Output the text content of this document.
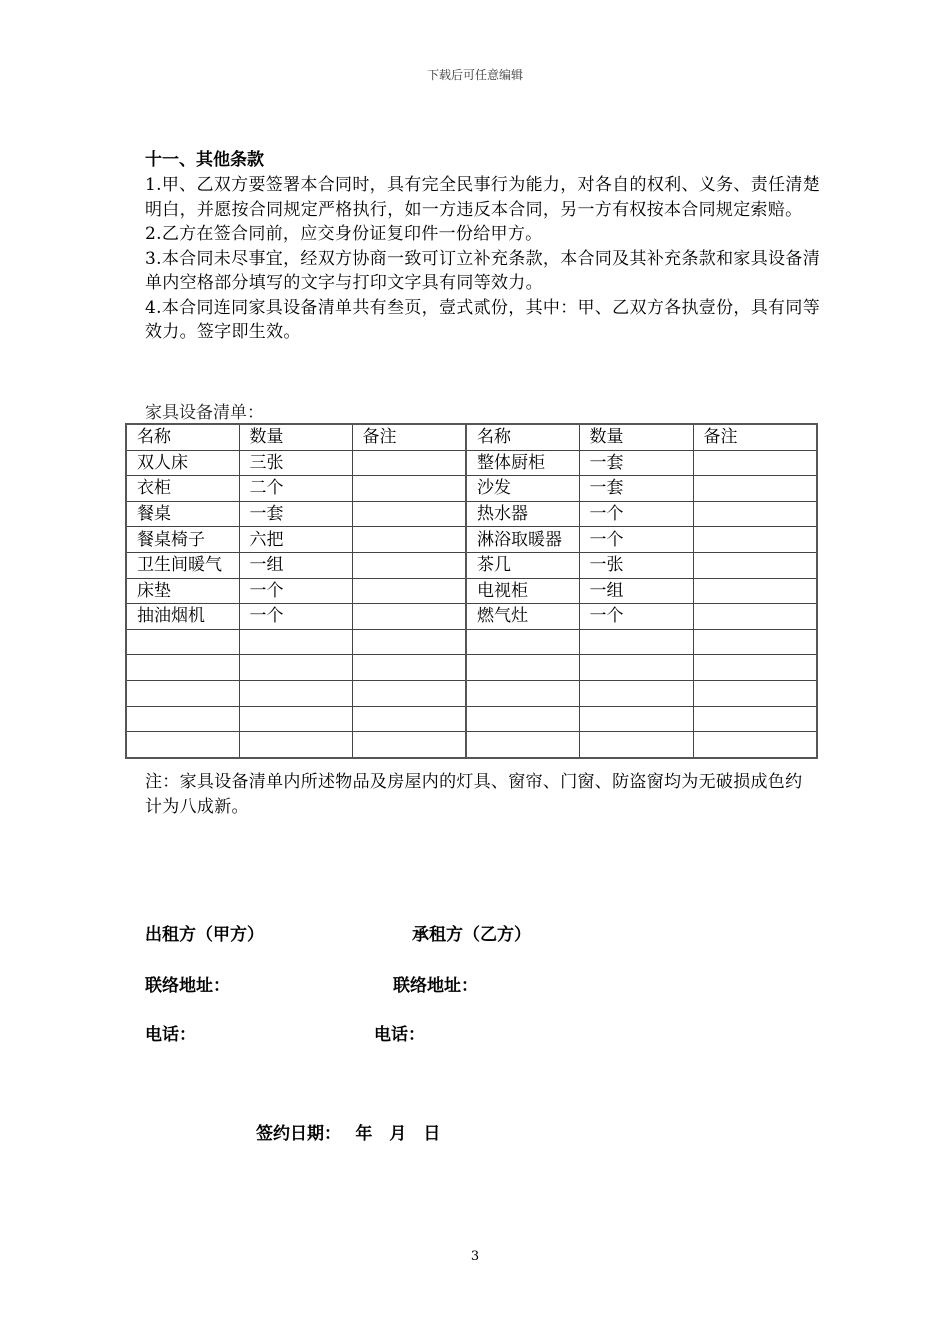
下载后可任意编辑

十一、其他条款

1.甲、乙双方要签署本合同时，具有完全民事行为能力，对各自的权利、义务、责任清楚明白，并愿按合同规定严格执行，如一方违反本合同，另一方有权按本合同规定索赔。

2.乙方在签合同前，应交身份证复印件一份给甲方。

3.本合同未尽事宜，经双方协商一致可订立补充条款，本合同及其补充条款和家具设备清单内空格部分填写的文字与打印文字具有同等效力。

4.本合同连同家具设备清单共有叁页，壹式贰份，其中：甲、乙双方各执壹份，具有同等效力。签字即生效。

家具设备清单：
名称	数量	备注	名称	数量	备注
双人床	三张		整体厨柜	一套	
衣柜	二个		沙发	一套	
餐桌	一套		热水器	一个	
餐桌椅子	六把		淋浴取暖器	一个	
卫生间暖气	一组		茶几	一张	
床垫	一个		电视柜	一组	
抽油烟机	一个		燃气灶	一个	

注：家具设备清单内所述物品及房屋内的灯具、窗帘、门窗、防盗窗均为无破损成色约计为八成新。

出租方（甲方）	承租方（乙方）
联络地址：	联络地址：
电话：	电话：
签约日期：　 年　月　日
3
